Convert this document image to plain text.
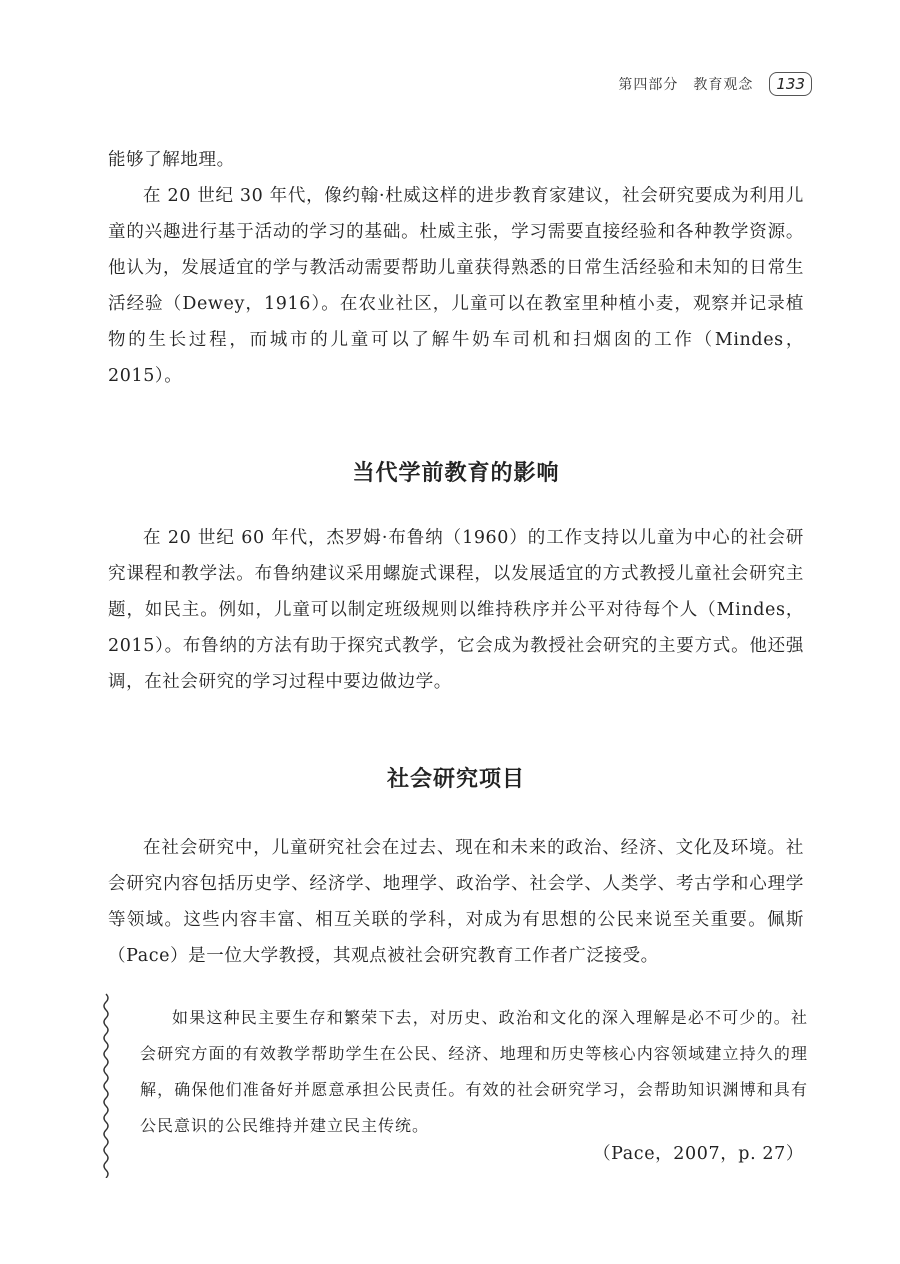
第四部分　教育观念	133

能够了解地理。

在 20 世纪 30 年代，像约翰·杜威这样的进步教育家建议，社会研究要成为利用儿童的兴趣进行基于活动的学习的基础。杜威主张，学习需要直接经验和各种教学资源。他认为，发展适宜的学与教活动需要帮助儿童获得熟悉的日常生活经验和未知的日常生活经验（Dewey，1916）。在农业社区，儿童可以在教室里种植小麦，观察并记录植物的生长过程，而城市的儿童可以了解牛奶车司机和扫烟囱的工作（Mindes，2015）。

当代学前教育的影响

在 20 世纪 60 年代，杰罗姆·布鲁纳（1960）的工作支持以儿童为中心的社会研究课程和教学法。布鲁纳建议采用螺旋式课程，以发展适宜的方式教授儿童社会研究主题，如民主。例如，儿童可以制定班级规则以维持秩序并公平对待每个人（Mindes，2015）。布鲁纳的方法有助于探究式教学，它会成为教授社会研究的主要方式。他还强调，在社会研究的学习过程中要边做边学。

社会研究项目

在社会研究中，儿童研究社会在过去、现在和未来的政治、经济、文化及环境。社会研究内容包括历史学、经济学、地理学、政治学、社会学、人类学、考古学和心理学等领域。这些内容丰富、相互关联的学科，对成为有思想的公民来说至关重要。佩斯（Pace）是一位大学教授，其观点被社会研究教育工作者广泛接受。

如果这种民主要生存和繁荣下去，对历史、政治和文化的深入理解是必不可少的。社会研究方面的有效教学帮助学生在公民、经济、地理和历史等核心内容领域建立持久的理解，确保他们准备好并愿意承担公民责任。有效的社会研究学习，会帮助知识渊博和具有公民意识的公民维持并建立民主传统。

（Pace，2007，p. 27）
